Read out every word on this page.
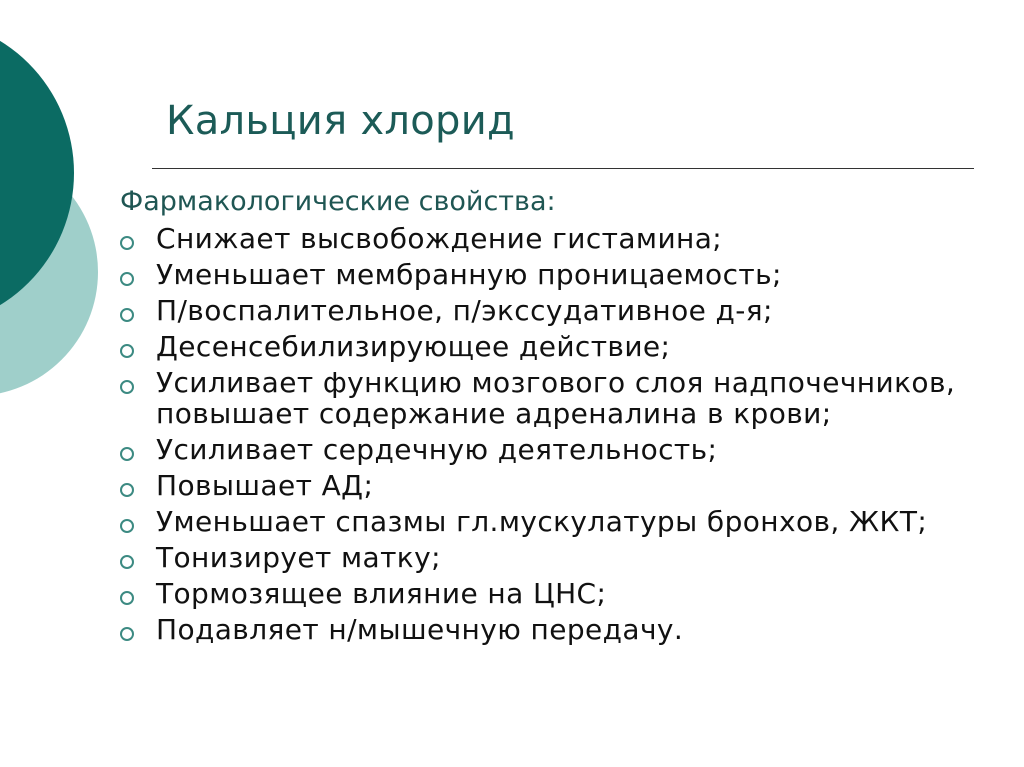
Кальция хлорид
Фармакологические свойства:
Снижает высвобождение гистамина;
Уменьшает мембранную проницаемость;
П/воспалительное, п/экссудативное д-я;
Десенсебилизирующее действие;
Усиливает функцию мозгового слоя надпочечников, повышает содержание адреналина в крови;
Усиливает сердечную деятельность;
Повышает АД;
Уменьшает спазмы гл.мускулатуры бронхов, ЖКТ;
Тонизирует матку;
Тормозящее влияние на ЦНС;
Подавляет н/мышечную передачу.
